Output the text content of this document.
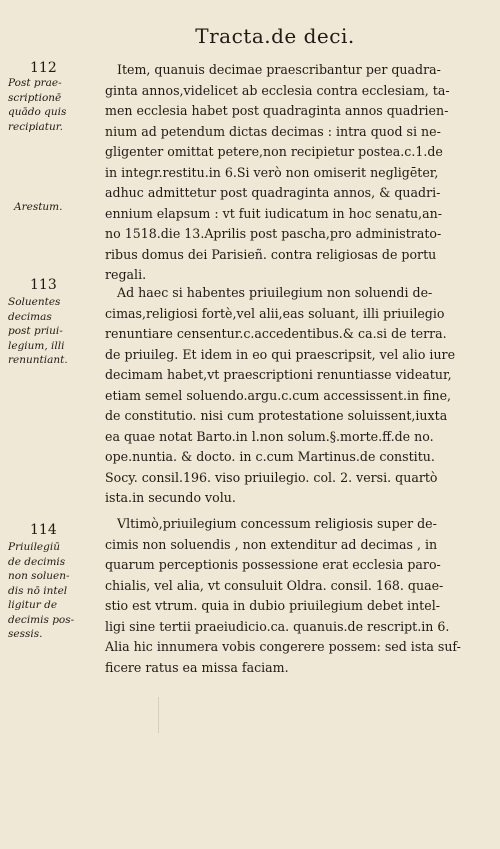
Tracta.de deci.
112
Post prae-
scriptionē
quādo quis
recipiatur.
Arestum.
Item, quanuis decimae praescribantur per quadra-
ginta annos,videlicet ab ecclesia contra ecclesiam, ta-
men ecclesia habet post quadraginta annos quadrien-
nium ad petendum dictas decimas : intra quod si ne-
gligenter omittat petere,non recipietur postea.c.1.de
in integr.restitu.in 6.Si verò non omiserit negligēter,
adhuc admittetur post quadraginta annos, & quadri-
ennium elapsum : vt fuit iudicatum in hoc senatu,an-
no 1518.die 13.Aprilis post pascha,pro administrato-
ribus domus dei Parisieñ. contra religiosas de portu
regali.
113
Soluentes
decimas
post priui-
legium, illi
renuntiant.
Ad haec si habentes priuilegium non soluendi de-
cimas,religiosi fortè,vel alii,eas soluant, illi priuilegio
renuntiare censentur.c.accedentibus.& ca.si de terra.
de priuileg. Et idem in eo qui praescripsit, vel alio iure
decimam habet,vt praescriptioni renuntiasse videatur,
etiam semel soluendo.argu.c.cum accessissent.in fine,
de constitutio. nisi cum protestatione soluissent,iuxta
ea quae notat Barto.in l.non solum.§.morte.ff.de no.
ope.nuntia. & docto. in c.cum Martinus.de constitu.
Socy. consil.196. viso priuilegio. col. 2. versi. quartò
ista.in secundo volu.
114
Priuilegiū
de decimis
non soluen-
dis nō intel
ligitur de
decimis pos-
sessis.
Vltimò,priuilegium concessum religiosis super de-
cimis non soluendis , non extenditur ad decimas , in
quarum perceptionis possessione erat ecclesia paro-
chialis, vel alia, vt consuluit Oldra. consil. 168. quae-
stio est vtrum. quia in dubio priuilegium debet intel-
ligi sine tertii praeiudicio.ca. quanuis.de rescript.in 6.
Alia hic innumera vobis congerere possem: sed ista suf-
ficere ratus ea missa faciam.
